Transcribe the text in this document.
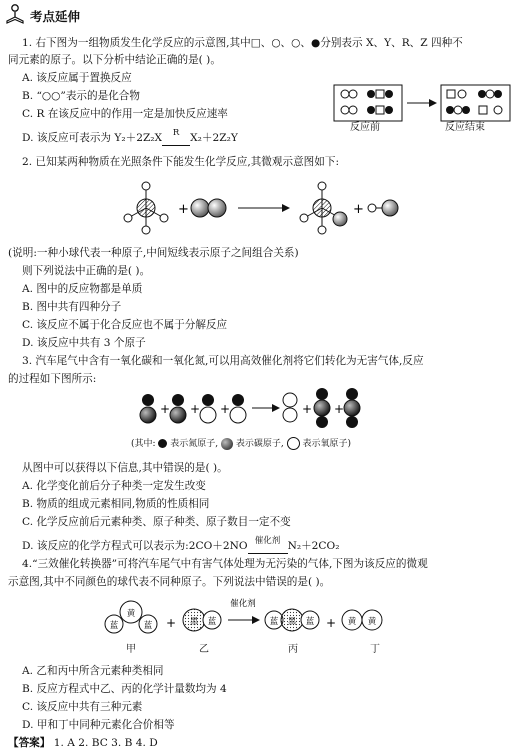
考点延伸
1. 右下图为一组物质发生化学反应的示意图,其中□、○、○、●分别表示 X、Y、R、Z 四种不
同元素的原子。以下分析中结论正确的是( )。
A. 该反应属于置换反应
B. “○○”表示的是化合物
C. R 在该反应中的作用一定是加快反应速率
D. 该反应可表示为 Y₂＋2Z₂X	R	X₂＋2Z₂Y
反应前	反应结束
2. 已知某两种物质在光照条件下能发生化学反应,其微观示意图如下:
+	+
(说明:一种小球代表一种原子,中间短线表示原子之间组合关系)
则下列说法中正确的是( )。
A. 图中的反应物都是单质
B. 图中共有四种分子
C. 该反应不属于化合反应也不属于分解反应
D. 该反应中共有 3 个原子
3. 汽车尾气中含有一氧化碳和一氧化氮,可以用高效催化剂将它们转化为无害气体,反应
的过程如下图所示:
+ + +	+ +
(其中: 表示氮原子, 表示碳原子, 表示氧原子)
从图中可以获得以下信息,其中错误的是( )。
A. 化学变化前后分子种类一定发生改变
B. 物质的组成元素相同,物质的性质相同
C. 化学反应前后元素种类、原子种类、原子数目一定不变
D. 该反应的化学方程式可以表示为:2CO＋2NO 催化剂 N₂＋2CO₂
4.“三效催化转换器”可将汽车尾气中有害气体处理为无污染的气体,下图为该反应的微观
示意图,其中不同颜色的球代表不同种原子。下列说法中错误的是( )。
黄
蓝	蓝 + 黑 蓝
催化剂
蓝 黑 蓝 + 黄 黄
甲	乙	丙	丁
A. 乙和丙中所含元素种类相同
B. 反应方程式中乙、丙的化学计量数均为 4
C. 该反应中共有三种元素
D. 甲和丁中同种元素化合价相等
【答案】 1. A 2. BC 3. B 4. D
